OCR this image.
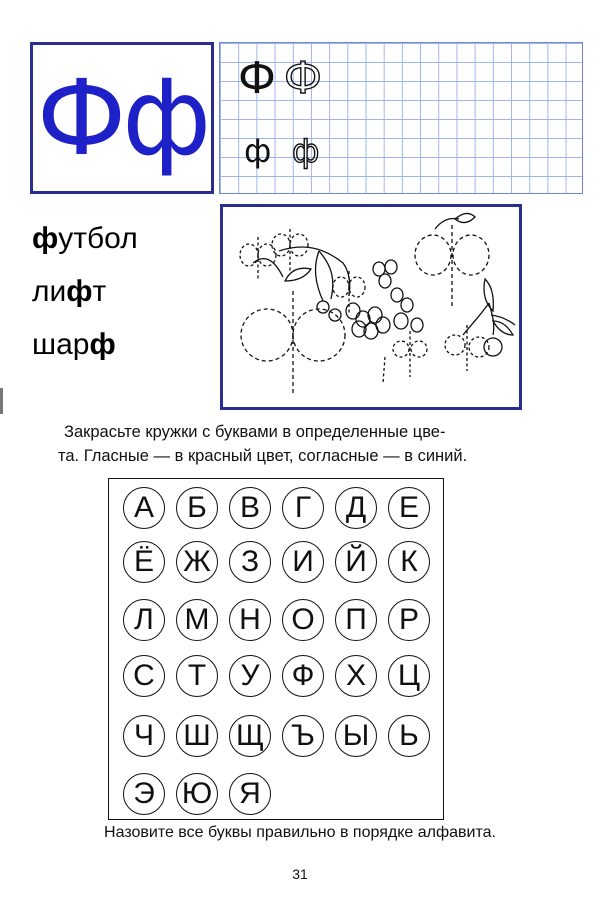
Фф Ф Ф
ф ф
футбол
лифт
шарф

Закрасьте кружки с буквами в определенные цве-

та. Гласные — в красный цвет, согласные — в синий.

А	Б	В	Г	Д	Е
Ё Ж	З	И	Й	К
Л	М Н	О	П	Р
С	Т	У	Ф	Х	Ц
Ч Ш Щ Ъ Ы Ь
Э Ю Я
Назовите все буквы правильно в порядке алфавита.
31
